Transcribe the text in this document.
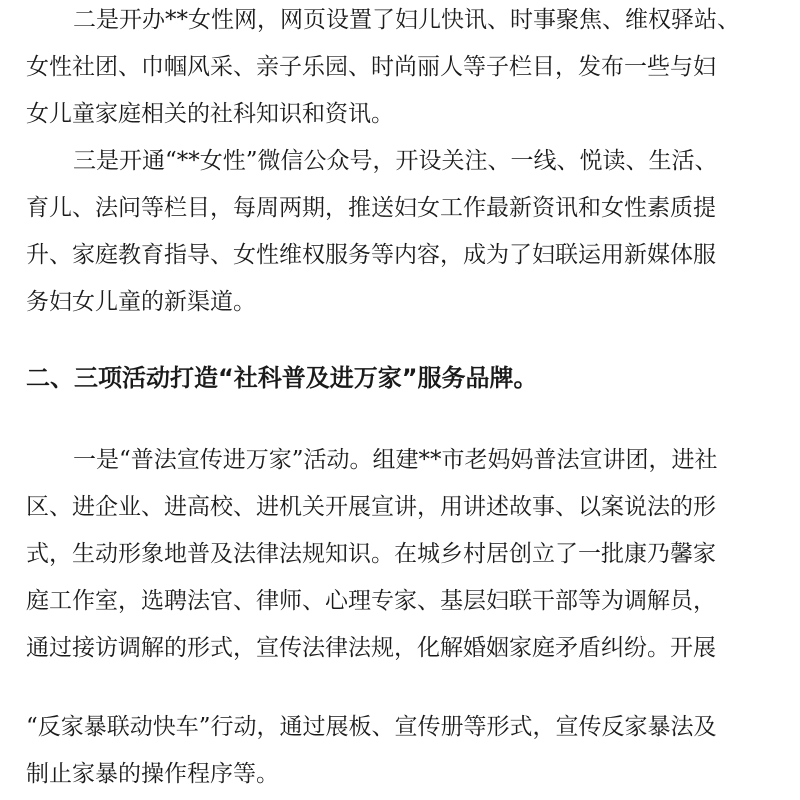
二是开办**女性网，网页设置了妇儿快讯、时事聚焦、维权驿站、
女性社团、巾帼风采、亲子乐园、时尚丽人等子栏目，发布一些与妇
女儿童家庭相关的社科知识和资讯。
三是开通“**女性”微信公众号，开设关注、一线、悦读、生活、
育儿、法问等栏目，每周两期，推送妇女工作最新资讯和女性素质提
升、家庭教育指导、女性维权服务等内容，成为了妇联运用新媒体服
务妇女儿童的新渠道。
二、三项活动打造“社科普及进万家”服务品牌。
一是“普法宣传进万家”活动。组建**市老妈妈普法宣讲团，进社
区、进企业、进高校、进机关开展宣讲，用讲述故事、以案说法的形
式，生动形象地普及法律法规知识。在城乡村居创立了一批康乃馨家
庭工作室，选聘法官、律师、心理专家、基层妇联干部等为调解员，
通过接访调解的形式，宣传法律法规，化解婚姻家庭矛盾纠纷。开展
“反家暴联动快车”行动，通过展板、宣传册等形式，宣传反家暴法及
制止家暴的操作程序等。
